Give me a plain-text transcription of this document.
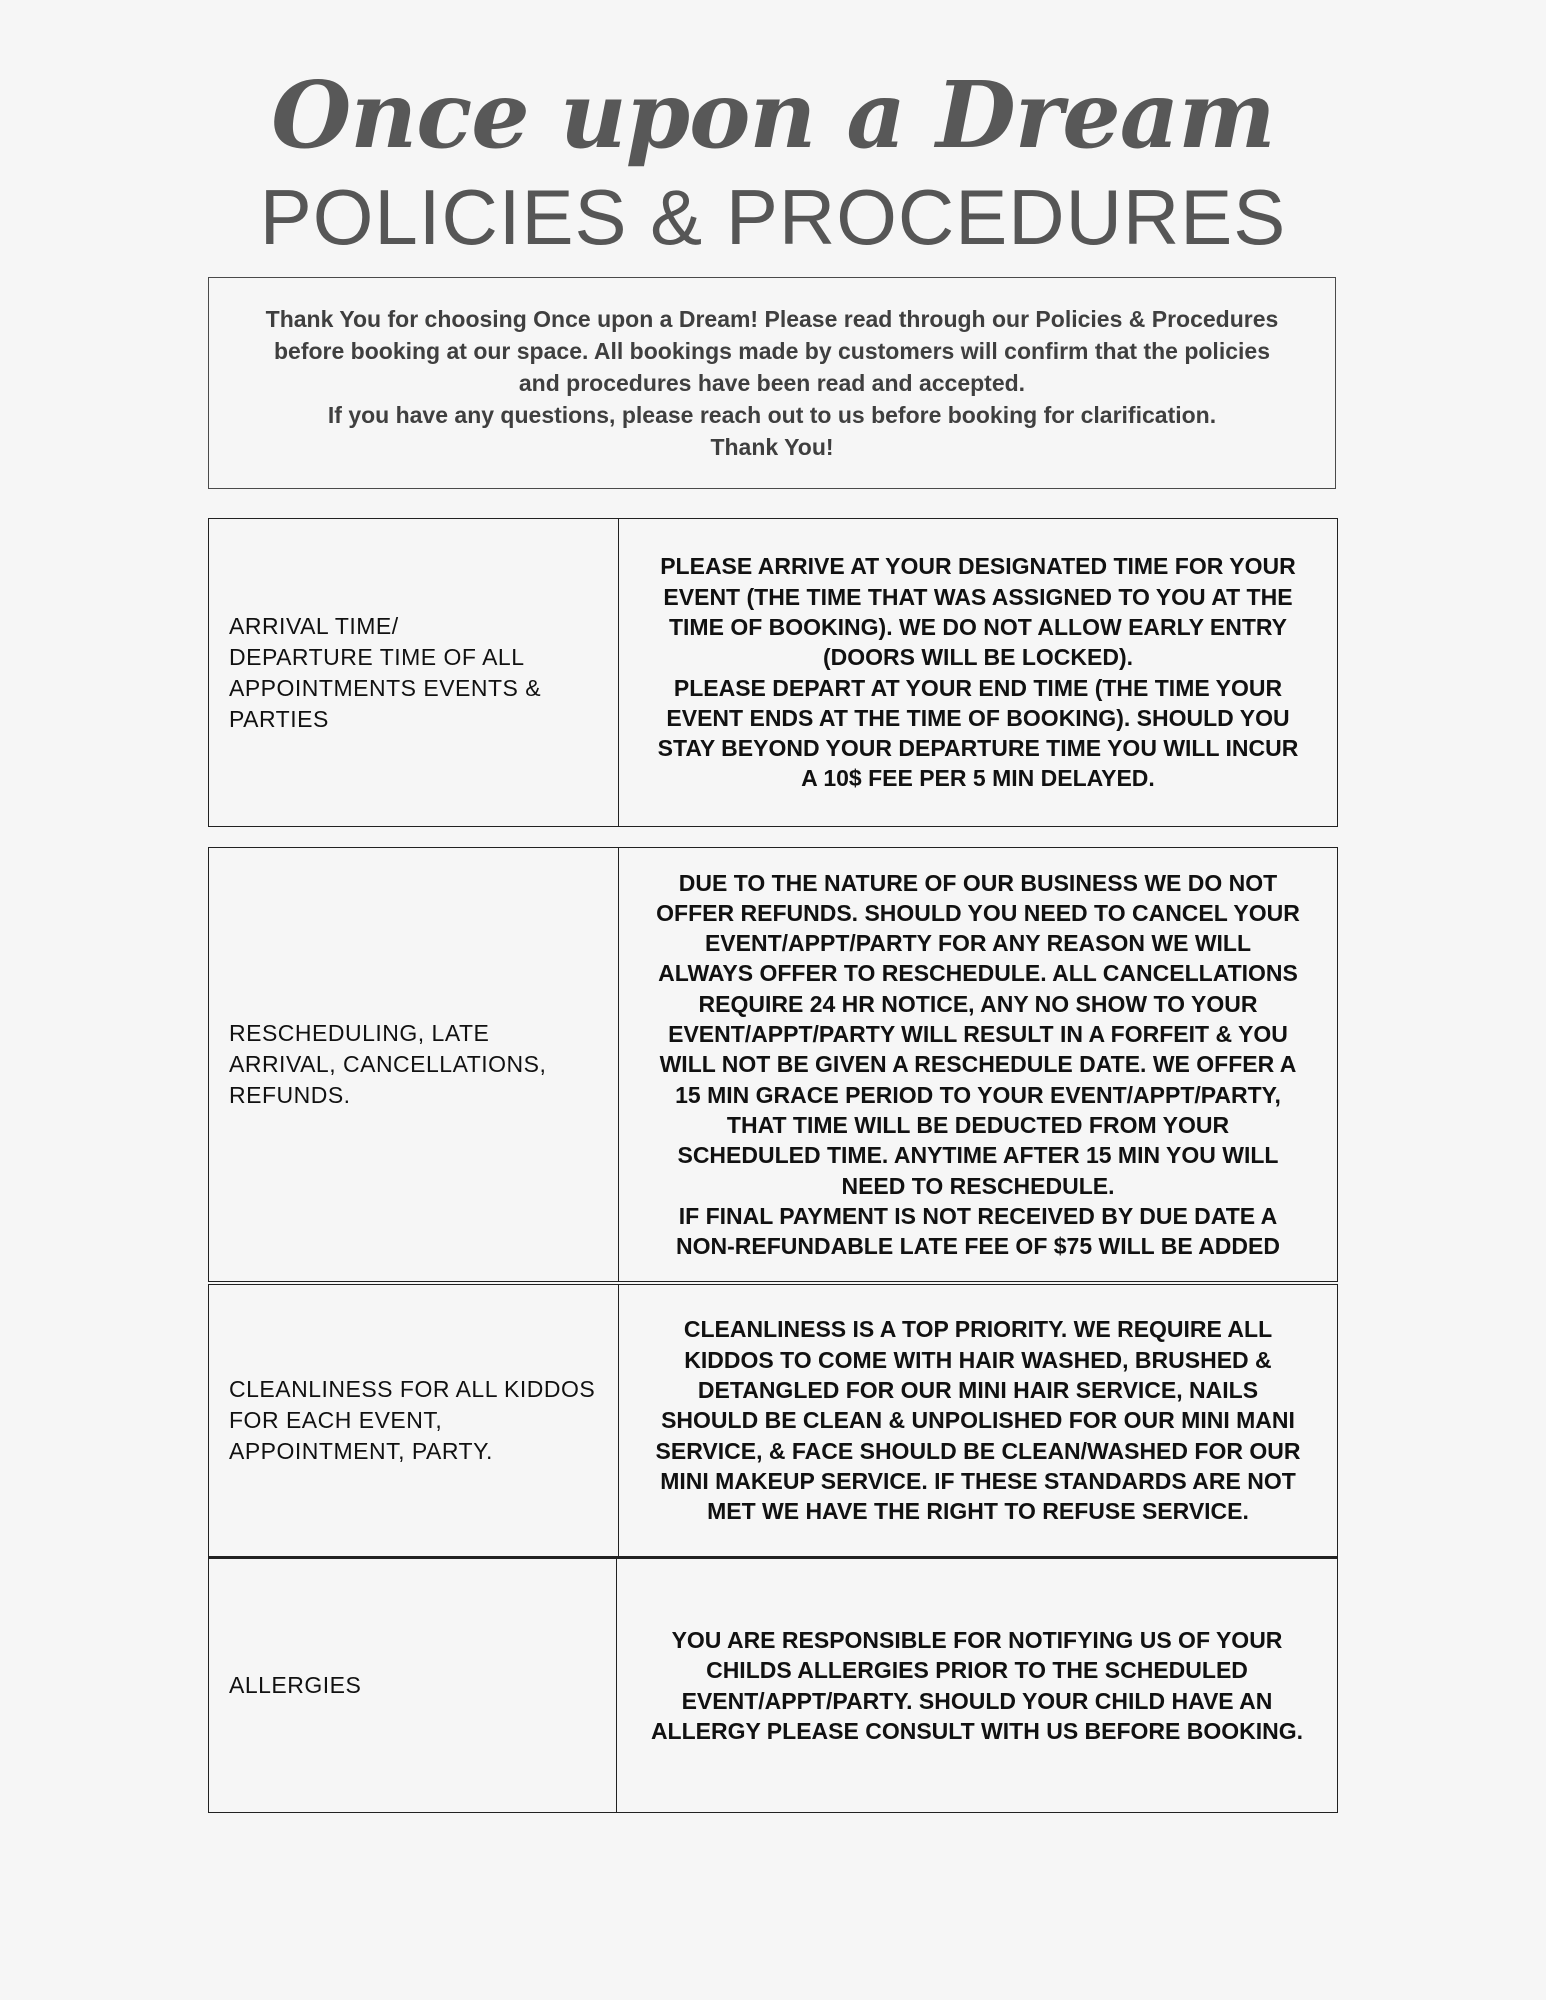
Once upon a Dream
POLICIES & PROCEDURES
Thank You for choosing Once upon a Dream! Please read through our Policies & Procedures
before booking at our space. All bookings made by customers will confirm that the policies
and procedures have been read and accepted.
If you have any questions, please reach out to us before booking for clarification.
Thank You!
ARRIVAL TIME/
DEPARTURE TIME OF ALL
APPOINTMENTS EVENTS &
PARTIES
PLEASE ARRIVE AT YOUR DESIGNATED TIME FOR YOUR
EVENT (THE TIME THAT WAS ASSIGNED TO YOU AT THE
TIME OF BOOKING). WE DO NOT ALLOW EARLY ENTRY
(DOORS WILL BE LOCKED).
PLEASE DEPART AT YOUR END TIME (THE TIME YOUR
EVENT ENDS AT THE TIME OF BOOKING). SHOULD YOU
STAY BEYOND YOUR DEPARTURE TIME YOU WILL INCUR
A 10$ FEE PER 5 MIN DELAYED.
RESCHEDULING, LATE
ARRIVAL, CANCELLATIONS,
REFUNDS.
DUE TO THE NATURE OF OUR BUSINESS WE DO NOT
OFFER REFUNDS. SHOULD YOU NEED TO CANCEL YOUR
EVENT/APPT/PARTY FOR ANY REASON WE WILL
ALWAYS OFFER TO RESCHEDULE. ALL CANCELLATIONS
REQUIRE 24 HR NOTICE, ANY NO SHOW TO YOUR
EVENT/APPT/PARTY WILL RESULT IN A FORFEIT & YOU
WILL NOT BE GIVEN A RESCHEDULE DATE. WE OFFER A
15 MIN GRACE PERIOD TO YOUR EVENT/APPT/PARTY,
THAT TIME WILL BE DEDUCTED FROM YOUR
SCHEDULED TIME. ANYTIME AFTER 15 MIN YOU WILL
NEED TO RESCHEDULE.
IF FINAL PAYMENT IS NOT RECEIVED BY DUE DATE A
NON-REFUNDABLE LATE FEE OF $75 WILL BE ADDED
CLEANLINESS FOR ALL KIDDOS
FOR EACH EVENT,
APPOINTMENT, PARTY.
CLEANLINESS IS A TOP PRIORITY. WE REQUIRE ALL
KIDDOS TO COME WITH HAIR WASHED, BRUSHED &
DETANGLED FOR OUR MINI HAIR SERVICE, NAILS
SHOULD BE CLEAN & UNPOLISHED FOR OUR MINI MANI
SERVICE, & FACE SHOULD BE CLEAN/WASHED FOR OUR
MINI MAKEUP SERVICE. IF THESE STANDARDS ARE NOT
MET WE HAVE THE RIGHT TO REFUSE SERVICE.
ALLERGIES
YOU ARE RESPONSIBLE FOR NOTIFYING US OF YOUR
CHILDS ALLERGIES PRIOR TO THE SCHEDULED
EVENT/APPT/PARTY. SHOULD YOUR CHILD HAVE AN
ALLERGY PLEASE CONSULT WITH US BEFORE BOOKING.
